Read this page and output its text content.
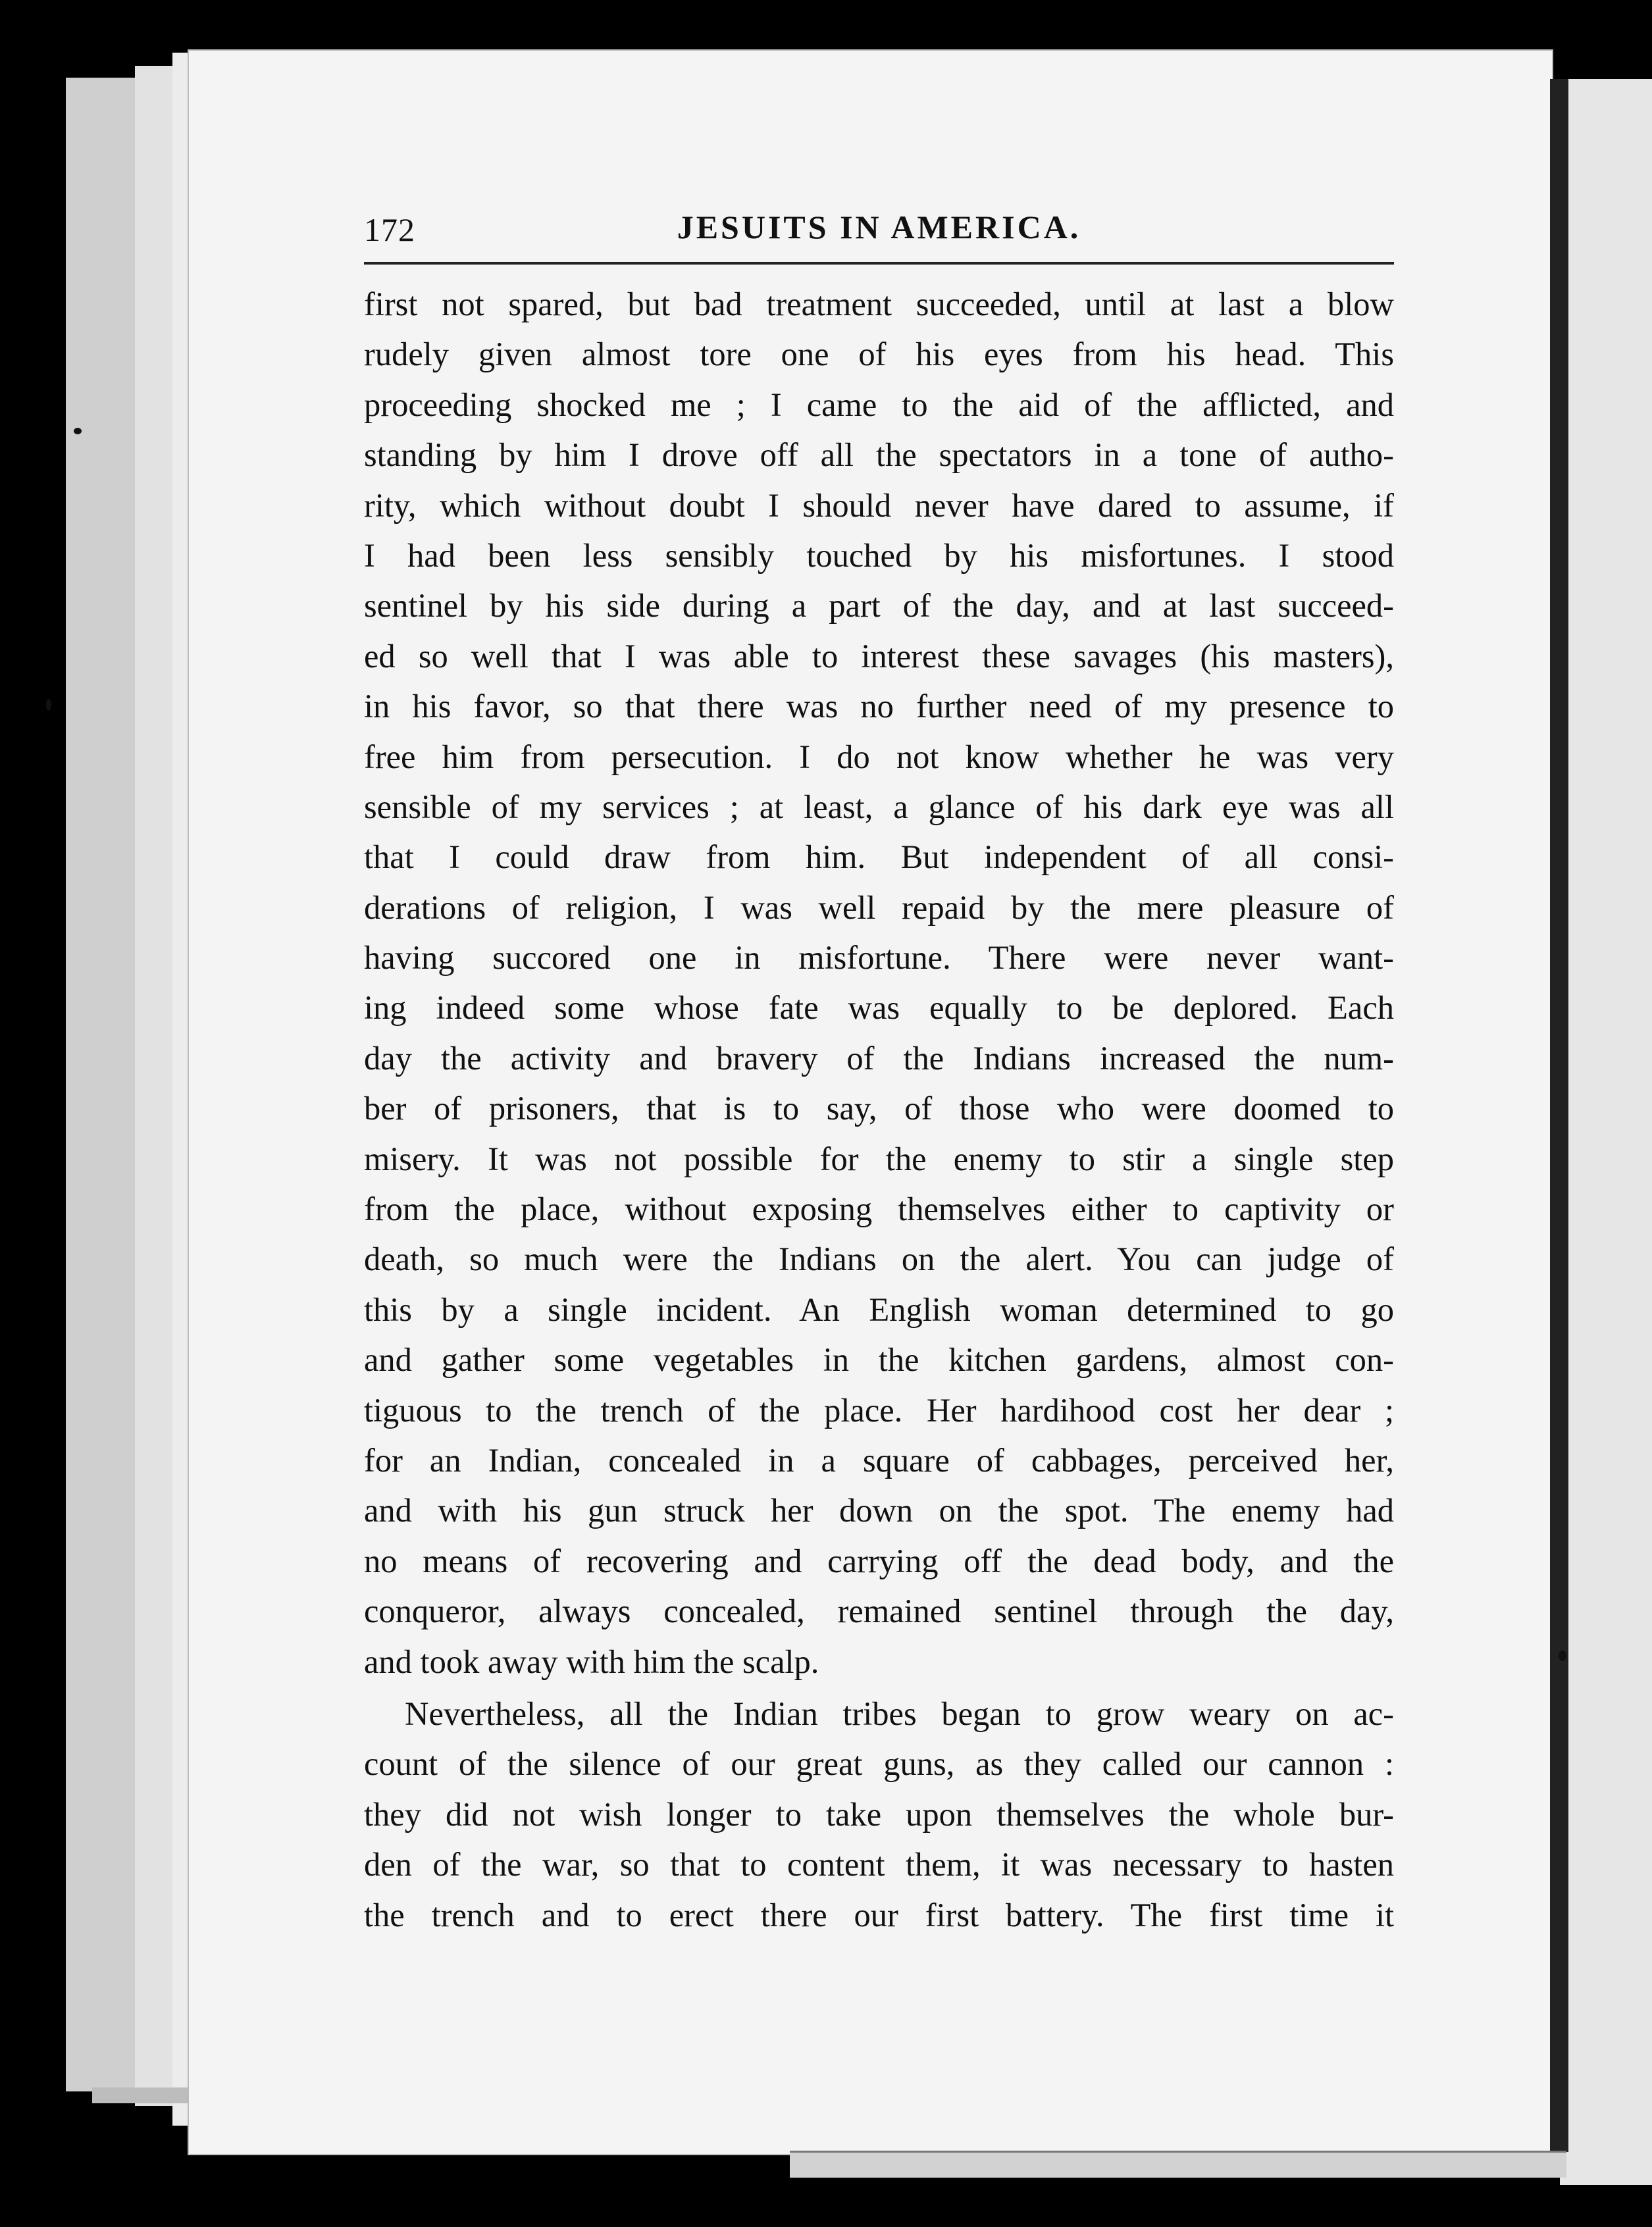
172	JESUITS IN AMERICA.
first not spared, but bad treatment succeeded, until at last a blow
rudely given almost tore one of his eyes from his head. This
proceeding shocked me ; I came to the aid of the afflicted, and
standing by him I drove off all the spectators in a tone of autho-
rity, which without doubt I should never have dared to assume, if
I had been less sensibly touched by his misfortunes. I stood
sentinel by his side during a part of the day, and at last succeed-
ed so well that I was able to interest these savages (his masters),
in his favor, so that there was no further need of my presence to
free him from persecution. I do not know whether he was very
sensible of my services ; at least, a glance of his dark eye was all
that I could draw from him. But independent of all consi-
derations of religion, I was well repaid by the mere pleasure of
having succored one in misfortune. There were never want-
ing indeed some whose fate was equally to be deplored. Each
day the activity and bravery of the Indians increased the num-
ber of prisoners, that is to say, of those who were doomed to
misery. It was not possible for the enemy to stir a single step
from the place, without exposing themselves either to captivity or
death, so much were the Indians on the alert. You can judge of
this by a single incident. An English woman determined to go
and gather some vegetables in the kitchen gardens, almost con-
tiguous to the trench of the place. Her hardihood cost her dear ;
for an Indian, concealed in a square of cabbages, perceived her,
and with his gun struck her down on the spot. The enemy had
no means of recovering and carrying off the dead body, and the
conqueror, always concealed, remained sentinel through the day,
and took away with him the scalp.
Nevertheless, all the Indian tribes began to grow weary on ac-
count of the silence of our great guns, as they called our cannon :
they did not wish longer to take upon themselves the whole bur-
den of the war, so that to content them, it was necessary to hasten
the trench and to erect there our first battery. The first time it
